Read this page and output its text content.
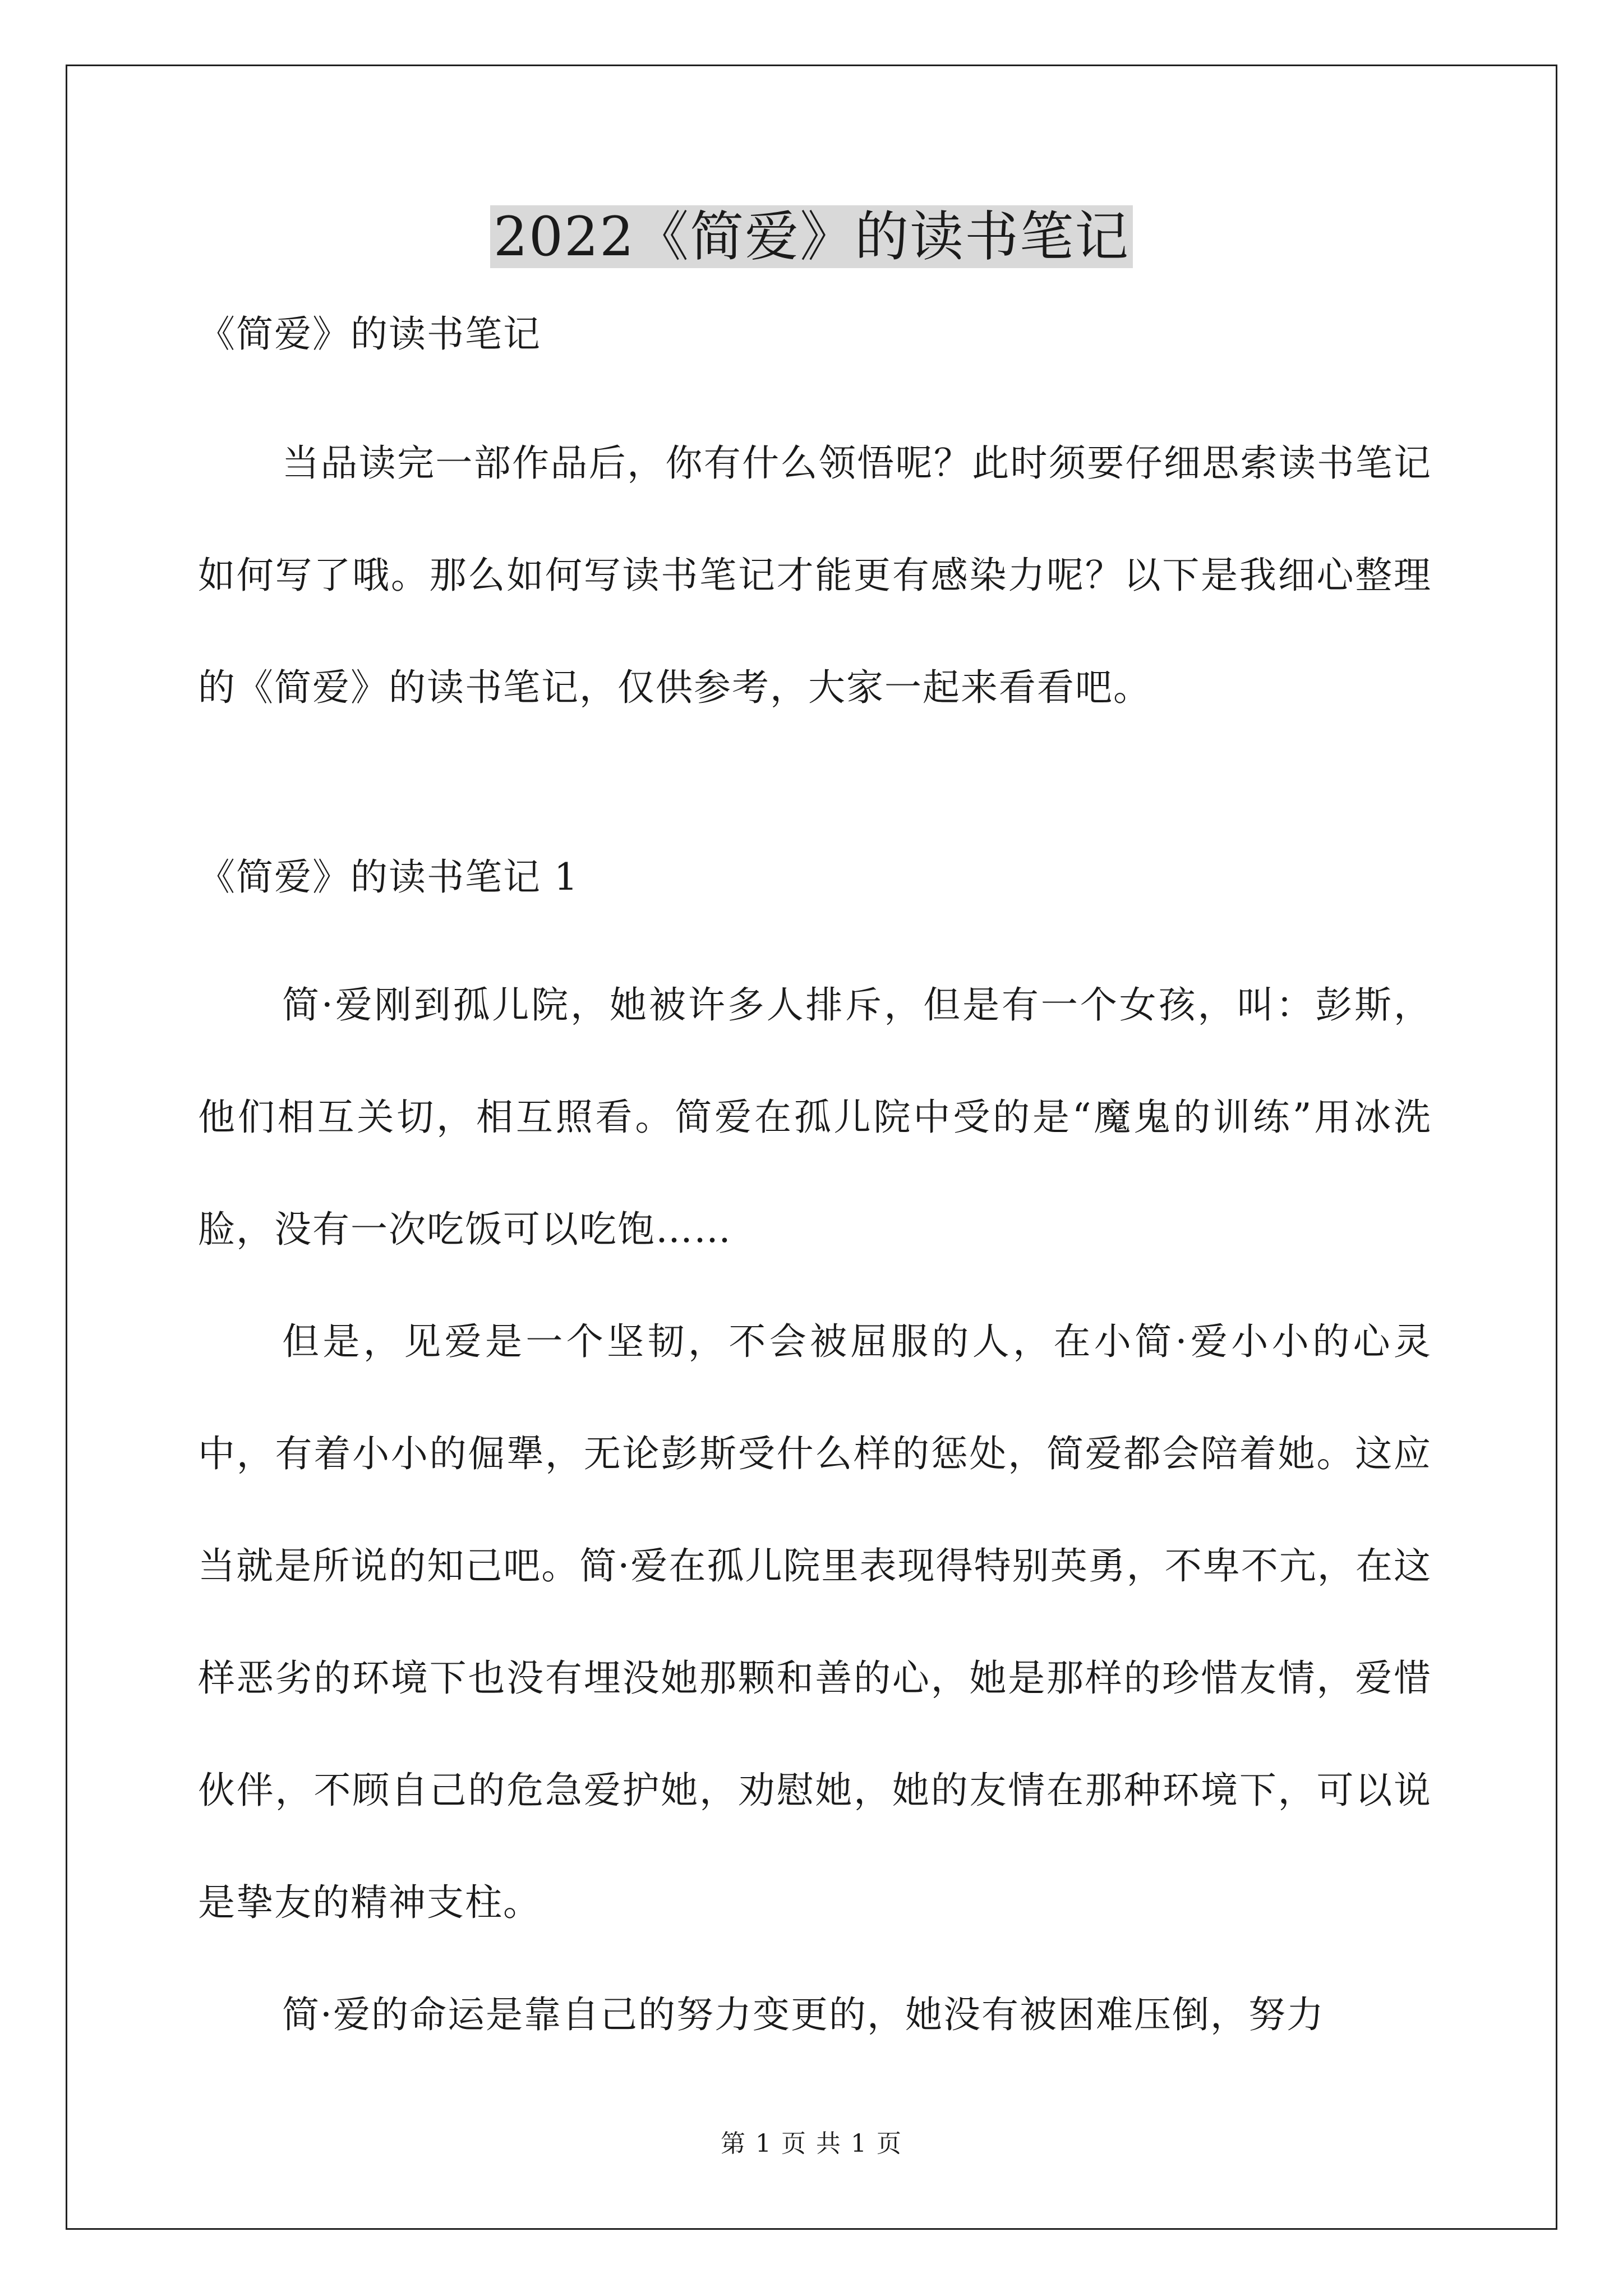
2022《简爱》的读书笔记

《简爱》的读书笔记

当品读完一部作品后，你有什么领悟呢？此时须要仔细思索读书笔记如何写了哦。那么如何写读书笔记才能更有感染力呢？以下是我细心整理的《简爱》的读书笔记，仅供参考，大家一起来看看吧。

《简爱》的读书笔记 1

简·爱刚到孤儿院，她被许多人排斥，但是有一个女孩，叫：彭斯，他们相互关切，相互照看。简爱在孤儿院中受的是“魔鬼的训练”用冰洗脸，没有一次吃饭可以吃饱……

但是，见爱是一个坚韧，不会被屈服的人，在小简·爱小小的心灵中，有着小小的倔犟，无论彭斯受什么样的惩处，简爱都会陪着她。这应当就是所说的知己吧。简·爱在孤儿院里表现得特别英勇，不卑不亢，在这样恶劣的环境下也没有埋没她那颗和善的心，她是那样的珍惜友情，爱惜伙伴，不顾自己的危急爱护她，劝慰她，她的友情在那种环境下，可以说是挚友的精神支柱。

简·爱的命运是靠自己的努力变更的，她没有被困难压倒，努力

第 1 页 共 1 页
